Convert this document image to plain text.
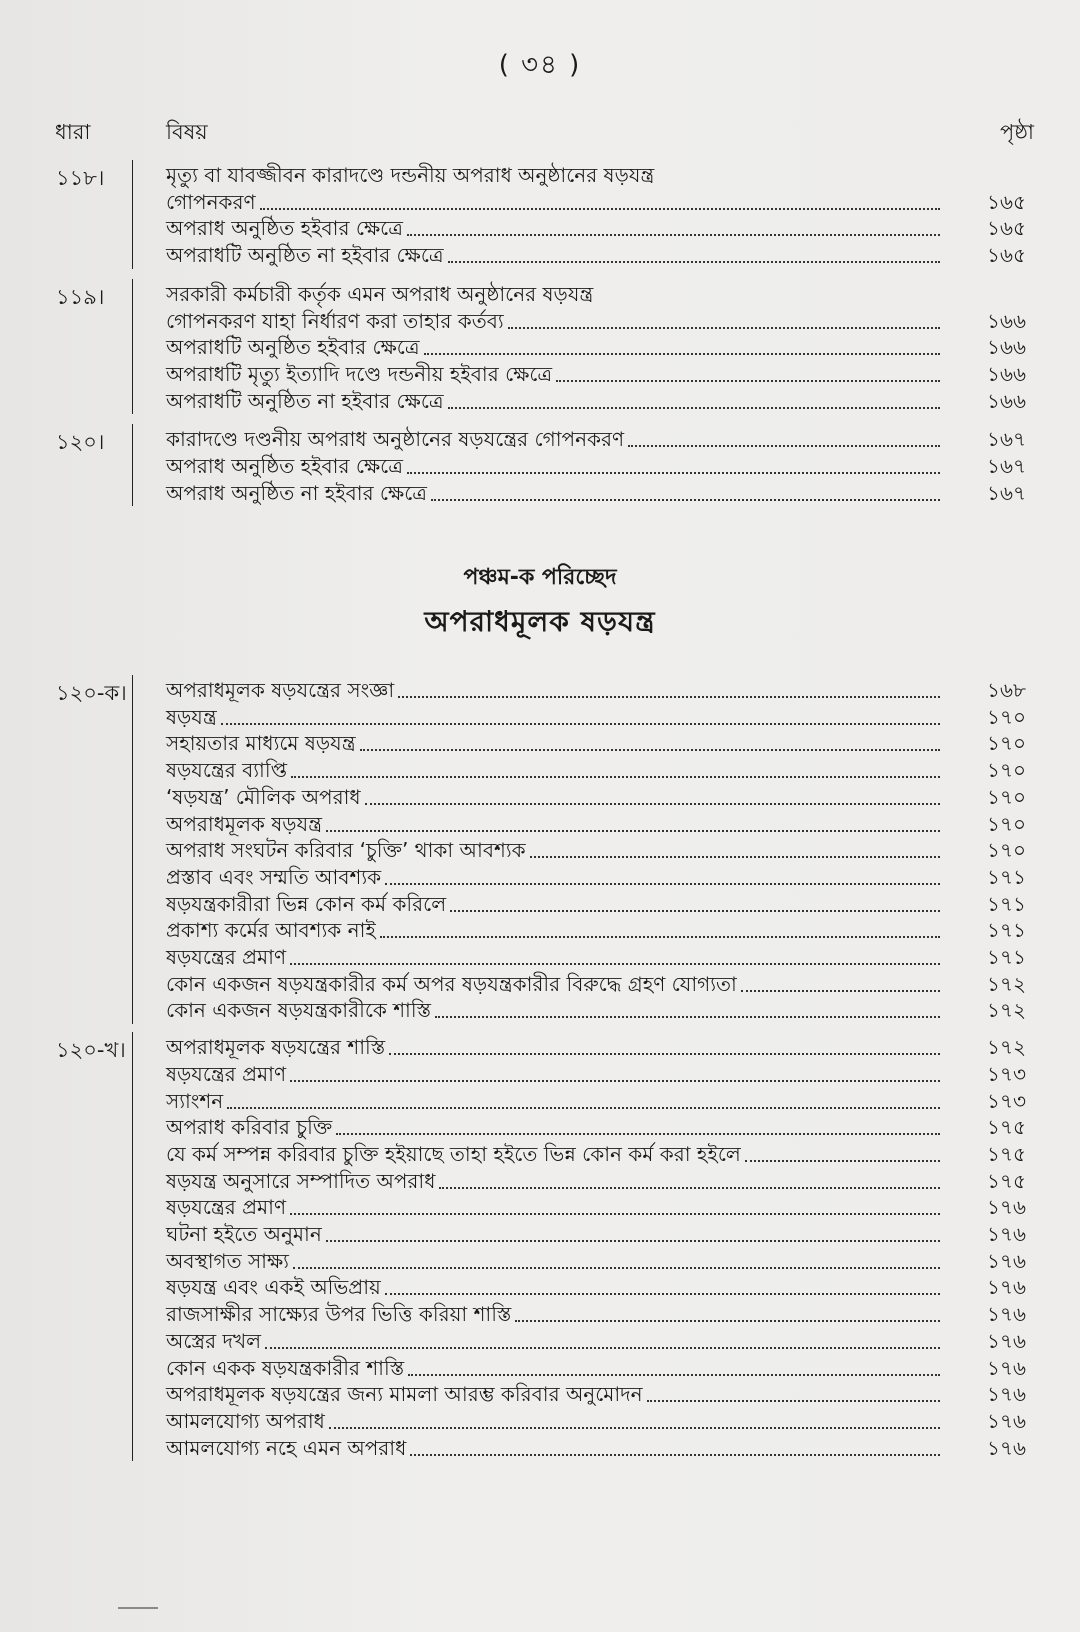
( ৩৪ )
ধারা	বিষয়	পৃষ্ঠা
পঞ্চম-ক পরিচ্ছেদ
অপরাধমূলক ষড়যন্ত্র
১১৮।	মৃত্যু বা যাবজ্জীবন কারাদণ্ডে দন্ডনীয় অপরাধ অনুষ্ঠানের ষড়যন্ত্র
গোপনকরণ	১৬৫
অপরাধ অনুষ্ঠিত হইবার ক্ষেত্রে	১৬৫
অপরাধটি অনুষ্ঠিত না হইবার ক্ষেত্রে	১৬৫
১১৯।	সরকারী কর্মচারী কর্তৃক এমন অপরাধ অনুষ্ঠানের ষড়যন্ত্র
গোপনকরণ যাহা নির্ধারণ করা তাহার কর্তব্য	১৬৬
অপরাধটি অনুষ্ঠিত হইবার ক্ষেত্রে	১৬৬
অপরাধটি মৃত্যু ইত্যাদি দণ্ডে দন্ডনীয় হইবার ক্ষেত্রে	১৬৬
অপরাধটি অনুষ্ঠিত না হইবার ক্ষেত্রে	১৬৬
১২০।	কারাদণ্ডে দণ্ডনীয় অপরাধ অনুষ্ঠানের ষড়যন্ত্রের গোপনকরণ	১৬৭
অপরাধ অনুষ্ঠিত হইবার ক্ষেত্রে	১৬৭
অপরাধ অনুষ্ঠিত না হইবার ক্ষেত্রে	১৬৭
১২০-ক। অপরাধমূলক ষড়যন্ত্রের সংজ্ঞা	১৬৮
ষড়যন্ত্র	১৭০
সহায়তার মাধ্যমে ষড়যন্ত্র	১৭০
ষড়যন্ত্রের ব্যাপ্তি	১৭০
‘ষড়যন্ত্র’ মৌলিক অপরাধ	১৭০
অপরাধমূলক ষড়যন্ত্র	১৭০
অপরাধ সংঘটন করিবার ‘চুক্তি’ থাকা আবশ্যক	১৭০
প্রস্তাব এবং সম্মতি আবশ্যক	১৭১
ষড়যন্ত্রকারীরা ভিন্ন কোন কর্ম করিলে	১৭১
প্রকাশ্য কর্মের আবশ্যক নাই	১৭১
ষড়যন্ত্রের প্রমাণ	১৭১
কোন একজন ষড়যন্ত্রকারীর কর্ম অপর ষড়যন্ত্রকারীর বিরুদ্ধে গ্রহণ যোগ্যতা	১৭২
কোন একজন ষড়যন্ত্রকারীকে শাস্তি	১৭২
১২০-খ। অপরাধমূলক ষড়যন্ত্রের শাস্তি	১৭২
ষড়যন্ত্রের প্রমাণ	১৭৩
স্যাংশন	১৭৩
অপরাধ করিবার চুক্তি	১৭৫
যে কর্ম সম্পন্ন করিবার চুক্তি হইয়াছে তাহা হইতে ভিন্ন কোন কর্ম করা হইলে	১৭৫
ষড়যন্ত্র অনুসারে সম্পাদিত অপরাধ	১৭৫
ষড়যন্ত্রের প্রমাণ	১৭৬
ঘটনা হইতে অনুমান	১৭৬
অবস্থাগত সাক্ষ্য	১৭৬
ষড়যন্ত্র এবং একই অভিপ্রায়	১৭৬
রাজসাক্ষীর সাক্ষ্যের উপর ভিত্তি করিয়া শাস্তি	১৭৬
অস্ত্রের দখল	১৭৬
কোন একক ষড়যন্ত্রকারীর শাস্তি	১৭৬
অপরাধমূলক ষড়যন্ত্রের জন্য মামলা আরম্ভ করিবার অনুমোদন	১৭৬
আমলযোগ্য অপরাধ	১৭৬
আমলযোগ্য নহে এমন অপরাধ	১৭৬
